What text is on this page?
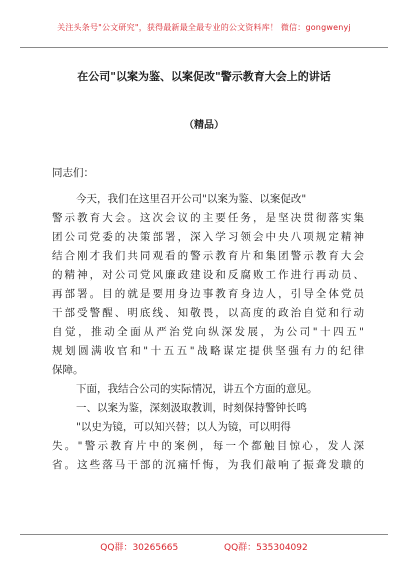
关注头条号"公文研究"，获得最新最全最专业的公文资料库！ 微信：gongwenyj
在公司"以案为鉴、以案促改"警示教育大会上的讲话
（精品）
同志们：
今天，我们在这里召开公司"以案为鉴、以案促改"
警示教育大会。这次会议的主要任务，是坚决贯彻落实集
团公司党委的决策部署，深入学习领会中央八项规定精神
结合刚才我们共同观看的警示教育片和集团警示教育大会
的精神，对公司党风廉政建设和反腐败工作进行再动员、
再部署。目的就是要用身边事教育身边人，引导全体党员
干部受警醒、明底线、知敬畏，以高度的政治自觉和行动
自觉，推动全面从严治党向纵深发展，为公司"十四五"
规划圆满收官和"十五五"战略谋定提供坚强有力的纪律
保障。
下面，我结合公司的实际情况，讲五个方面的意见。
一、以案为鉴，深刻汲取教训，时刻保持警钟长鸣
"以史为镜，可以知兴替；以人为镜，可以明得
失。"警示教育片中的案例，每一个都触目惊心，发人深
省。这些落马干部的沉痛忏悔，为我们敲响了振聋发聩的
QQ群：30265665	QQ群：535304092
